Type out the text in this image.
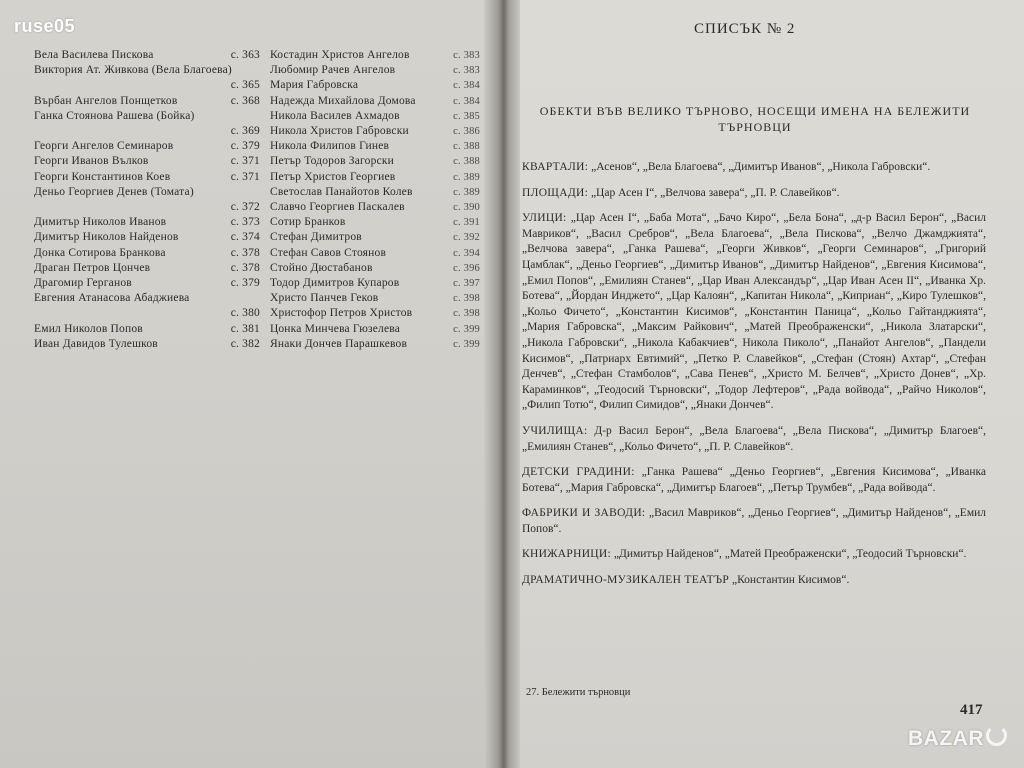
Вела Василева Пискова	с. 363
Виктория Ат. Живкова (Вела Благоева)
с. 365
Върбан Ангелов Понщетков	с. 368
Ганка Стоянова Рашева (Бойка)
с. 369
Георги Ангелов Семинаров	с. 379
Георги Иванов Вълков	с. 371
Георги Константинов Коев	с. 371
Деньо Георгиев Денев (Томата)
с. 372
Димитър Николов Иванов	с. 373
Димитър Николов Найденов	с. 374
Донка Сотирова Бранкова	с. 378
Драган Петров Цончев	с. 378
Драгомир Герганов	с. 379
Евгения Атанасова Абаджиева
с. 380
Емил Николов Попов	с. 381
Иван Давидов Тулешков	с. 382
Костадин Христов Ангелов	с. 383
Любомир Рачев Ангелов	с. 383
Мария Габровска	с. 384
Надежда Михайлова Домова	с. 384
Никола Василев Ахмадов	с. 385
Никола Христов Габровски	с. 386
Никола Филипов Гинев	с. 388
Петър Тодоров Загорски	с. 388
Петър Христов Георгиев	с. 389
Светослав Панайотов Колев	с. 389
Славчо Георгиев Паскалев	с. 390
Сотир Бранков	с. 391
Стефан Димитров	с. 392
Стефан Савов Стоянов	с. 394
Стойно Дюстабанов	с. 396
Тодор Димитров Купаров	с. 397
Христо Панчев Геков	с. 398
Христофор Петров Христов	с. 398
Цонка Минчева Гюзелева	с. 399
Янаки Дончев Парашкевов	с. 399
ruse05	СПИСЪК № 2
ОБЕКТИ ВЪВ ВЕЛИКО ТЪРНОВО, НОСЕЩИ ИМЕНА НА БЕЛЕЖИТИ ТЪРНОВЦИ
КВАРТАЛИ: „Асенов“, „Вела Благоева“, „Димитър Иванов“, „Никола Габровски“.
ПЛОЩАДИ: „Цар Асен I“, „Велчова завера“, „П. Р. Славейков“.
УЛИЦИ: „Цар Асен I“, „Баба Мота“, „Бачо Киро“, „Бела Бона“, „д-р Васил Берон“, „Васил Мавриков“, „Васил Сребров“, „Вела Благоева“, „Вела Пискова“, „Велчо Джамджията“, „Велчова завера“, „Ганка Рашева“, „Георги Живков“, „Георги Семинаров“, „Григорий Цамблак“, „Деньо Георгиев“, „Димитър Иванов“, „Димитър Найденов“, „Евгения Кисимова“, „Емил Попов“, „Емилиян Станев“, „Цар Иван Александър“, „Цар Иван Асен II“, „Иванка Хр. Ботева“, „Йордан Инджето“, „Цар Калоян“, „Капитан Никола“, „Киприан“, „Киро Тулешков“, „Кольо Фичето“, „Константин Кисимов“, „Константин Паница“, „Кольо Гайтанджията“, „Мария Габровска“, „Максим Райкович“, „Матей Преображенски“, „Никола Златарски“, „Никола Габровски“, „Никола Кабакчиев“, Никола Пиколо“, „Панайот Ангелов“, „Пандели Кисимов“, „Патриарх Евтимий“, „Петко Р. Славейков“, „Стефан (Стоян) Ахтар“, „Стефан Денчев“, „Стефан Стамболов“, „Сава Пенев“, „Христо М. Белчев“, „Христо Донев“, „Хр. Караминков“, „Теодосий Търновски“, „Тодор Лефтеров“, „Рада войвода“, „Райчо Николов“, „Филип Тотю“, Филип Симидов“, „Янаки Дончев“.
УЧИЛИЩА: Д-р Васил Берон“, „Вела Благоева“, „Вела Пискова“, „Димитър Благоев“, „Емилиян Станев“, „Кольо Фичето“, „П. Р. Славейков“.
ДЕТСКИ ГРАДИНИ: „Ганка Рашева“ „Деньо Георгиев“, „Евгения Кисимова“, „Иванка Ботева“, „Мария Габровска“, „Димитър Благоев“, „Петър Трумбев“, „Рада войвода“.
ФАБРИКИ И ЗАВОДИ: „Васил Мавриков“, „Деньо Георгиев“, „Димитър Найденов“, „Емил Попов“.
КНИЖАРНИЦИ: „Димитър Найденов“, „Матей Преображенски“, „Теодосий Търновски“.
ДРАМАТИЧНО-МУЗИКАЛЕН ТЕАТЪР „Константин Кисимов“.
27. Бележити търновци
417
BAZAR
